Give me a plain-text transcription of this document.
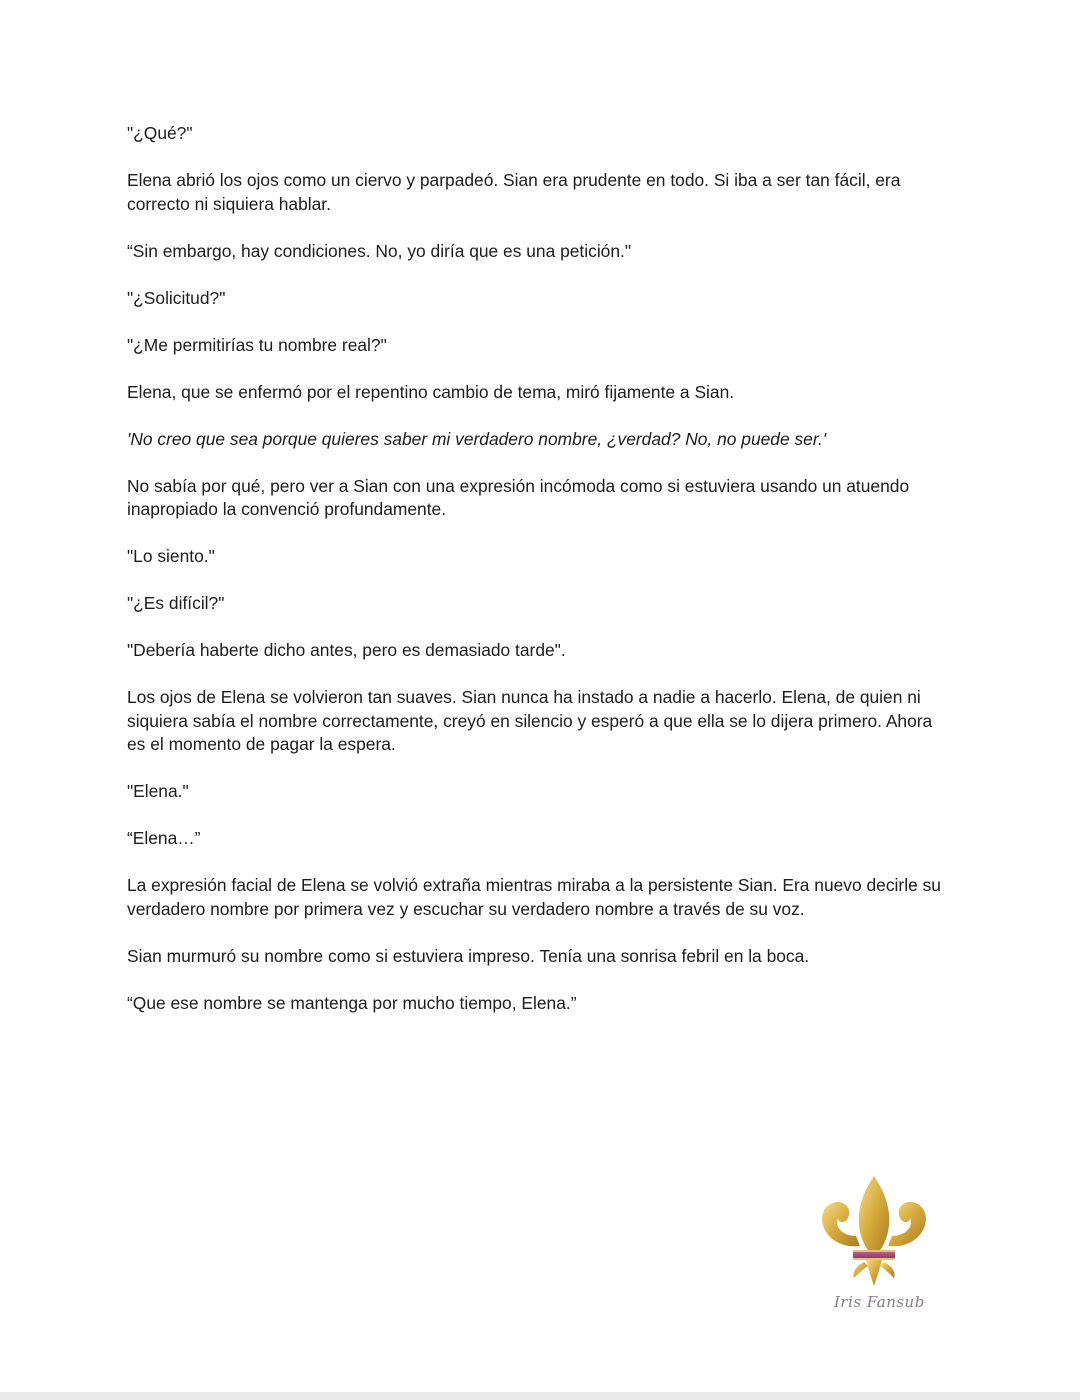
"¿Qué?"

Elena abrió los ojos como un ciervo y parpadeó. Sian era prudente en todo. Si iba a ser tan fácil, era correcto ni siquiera hablar.

“Sin embargo, hay condiciones. No, yo diría que es una petición."

"¿Solicitud?"

"¿Me permitirías tu nombre real?"

Elena, que se enfermó por el repentino cambio de tema, miró fijamente a Sian.

'No creo que sea porque quieres saber mi verdadero nombre, ¿verdad? No, no puede ser.'

No sabía por qué, pero ver a Sian con una expresión incómoda como si estuviera usando un atuendo inapropiado la convenció profundamente.

"Lo siento."

"¿Es difícil?"

"Debería haberte dicho antes, pero es demasiado tarde".

Los ojos de Elena se volvieron tan suaves. Sian nunca ha instado a nadie a hacerlo. Elena, de quien ni siquiera sabía el nombre correctamente, creyó en silencio y esperó a que ella se lo dijera primero. Ahora es el momento de pagar la espera.

"Elena."

“Elena…”

La expresión facial de Elena se volvió extraña mientras miraba a la persistente Sian. Era nuevo decirle su verdadero nombre por primera vez y escuchar su verdadero nombre a través de su voz.

Sian murmuró su nombre como si estuviera impreso. Tenía una sonrisa febril en la boca.

“Que ese nombre se mantenga por mucho tiempo, Elena.”

Iris Fansub
